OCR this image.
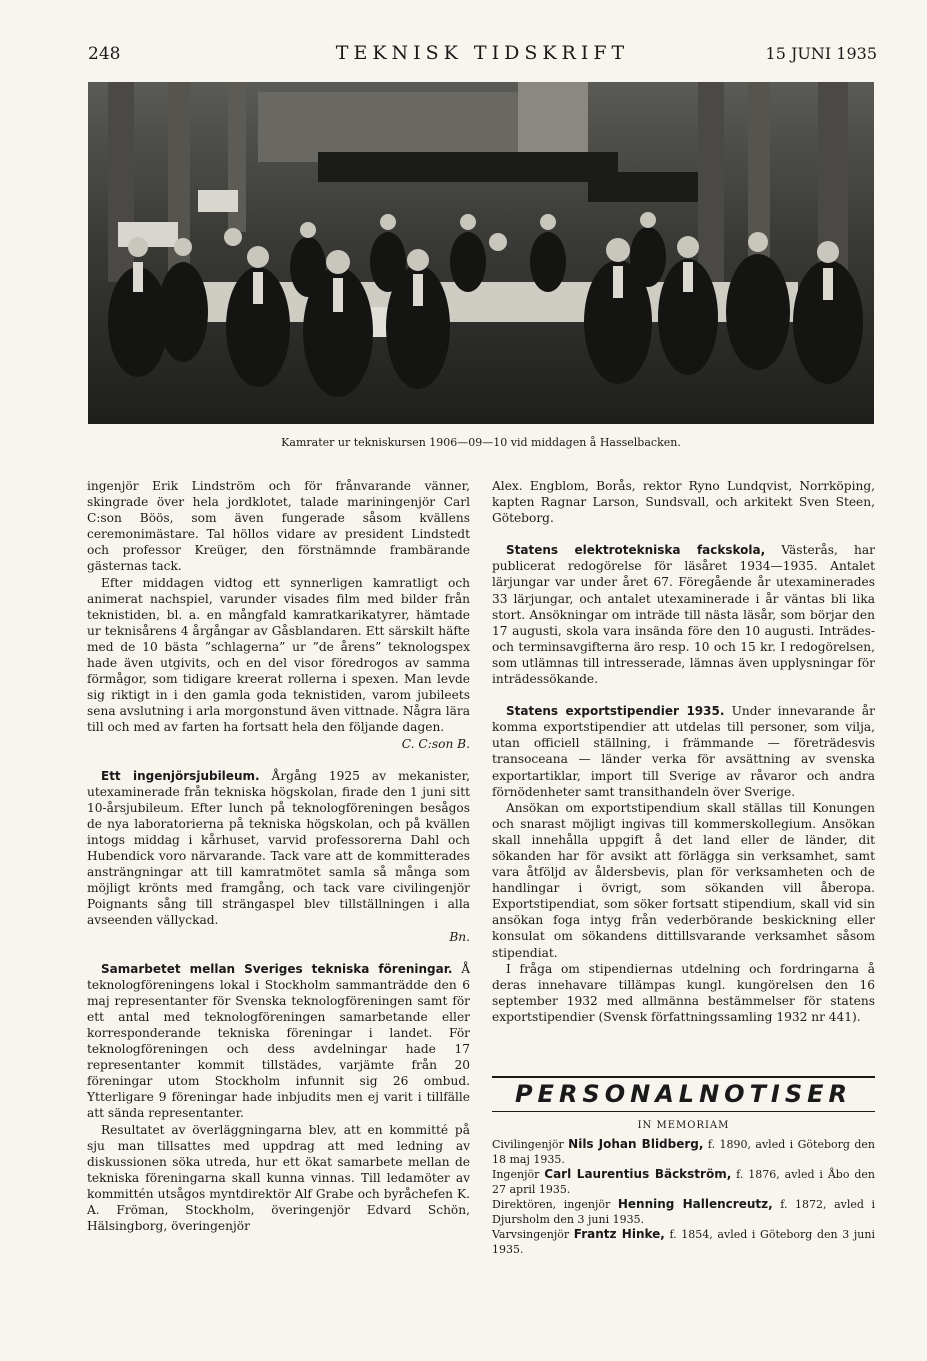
248	TEKNISK TIDSKRIFT	15 JUNI 1935
Kamrater ur tekniskursen 1906—09—10 vid middagen å Hasselbacken.

ingenjör Erik Lindström och för frånvarande vänner, skingrade över hela jordklotet, talade mariningenjör Carl C:son Böös, som även fungerade såsom kvällens ceremonimästare. Tal höllos vidare av president Lindstedt och professor Kreüger, den förstnämnde frambärande gästernas tack.

Efter middagen vidtog ett synnerligen kamratligt och animerat nachspiel, varunder visades film med bilder från teknistiden, bl. a. en mångfald kamratkarikatyrer, hämtade ur teknisårens 4 årgångar av Gåsblandaren. Ett särskilt häfte med de 10 bästa ”schlagerna” ur ”de årens” teknologspex hade även utgivits, och en del visor föredrogos av samma förmågor, som tidigare kreerat rollerna i spexen. Man levde sig riktigt in i den gamla goda teknistiden, varom jubileets sena avslutning i arla morgonstund även vittnade. Några lära till och med av farten ha fortsatt hela den följande dagen.

C. C:son B.

Ett ingenjörsjubileum. Årgång 1925 av mekanister, utexaminerade från tekniska högskolan, firade den 1 juni sitt 10-årsjubileum. Efter lunch på teknologföreningen besågos de nya laboratorierna på tekniska högskolan, och på kvällen intogs middag i kårhuset, varvid professorerna Dahl och Hubendick voro närvarande. Tack vare att de kommitterades ansträngningar att till kamratmötet samla så många som möjligt krönts med framgång, och tack vare civilingenjör Poignants sång till strängaspel blev tillställningen i alla avseenden vällyckad.

Bn.

Samarbetet mellan Sveriges tekniska föreningar. Å teknologföreningens lokal i Stockholm sammanträdde den 6 maj representanter för Svenska teknologföreningen samt för ett antal med teknologföreningen samarbetande eller korresponderande tekniska föreningar i landet. För teknologföreningen och dess avdelningar hade 17 representanter kommit tillstädes, varjämte från 20 föreningar utom Stockholm infunnit sig 26 ombud. Ytterligare 9 föreningar hade inbjudits men ej varit i tillfälle att sända representanter.

Resultatet av överläggningarna blev, att en kommitté på sju man tillsattes med uppdrag att med ledning av diskussionen söka utreda, hur ett ökat samarbete mellan de tekniska föreningarna skall kunna vinnas. Till ledamöter av kommittén utsågos myntdirektör Alf Grabe och byråchefen K. A. Fröman, Stockholm, överingenjör Edvard Schön, Hälsingborg, överingenjör

Alex. Engblom, Borås, rektor Ryno Lundqvist, Norrköping, kapten Ragnar Larson, Sundsvall, och arkitekt Sven Steen, Göteborg.

Statens elektrotekniska fackskola, Västerås, har publicerat redogörelse för läsåret 1934—1935. Antalet lärjungar var under året 67. Föregående år utexaminerades 33 lärjungar, och antalet utexaminerade i år väntas bli lika stort. Ansökningar om inträde till nästa läsår, som börjar den 17 augusti, skola vara insända före den 10 augusti. Inträdes- och terminsavgifterna äro resp. 10 och 15 kr. I redogörelsen, som utlämnas till intresserade, lämnas även upplysningar för inträdessökande.

Statens exportstipendier 1935. Under innevarande år komma exportstipendier att utdelas till personer, som vilja, utan officiell ställning, i främmande — företrädesvis transoceana — länder verka för avsättning av svenska exportartiklar, import till Sverige av råvaror och andra förnödenheter samt transithandeln över Sverige.

Ansökan om exportstipendium skall ställas till Konungen och snarast möjligt ingivas till kommerskollegium. Ansökan skall innehålla uppgift å det land eller de länder, dit sökanden har för avsikt att förlägga sin verksamhet, samt vara åtföljd av åldersbevis, plan för verksamheten och de handlingar i övrigt, som sökanden vill åberopa. Exportstipendiat, som söker fortsatt stipendium, skall vid sin ansökan foga intyg från vederbörande beskickning eller konsulat om sökandens dittillsvarande verksamhet såsom stipendiat.

I fråga om stipendiernas utdelning och fordringarna å deras innehavare tillämpas kungl. kungörelsen den 16 september 1932 med allmänna bestämmelser för statens exportstipendier (Svensk författningssamling 1932 nr 441).

PERSONALNOTISER
IN MEMORIAM

Civilingenjör Nils Johan Blidberg, f. 1890, avled i Göteborg den 18 maj 1935.

Ingenjör Carl Laurentius Bäckström, f. 1876, avled i Åbo den 27 april 1935.

Direktören, ingenjör Henning Hallencreutz, f. 1872, avled i Djursholm den 3 juni 1935.

Varvsingenjör Frantz Hinke, f. 1854, avled i Göteborg den 3 juni 1935.
